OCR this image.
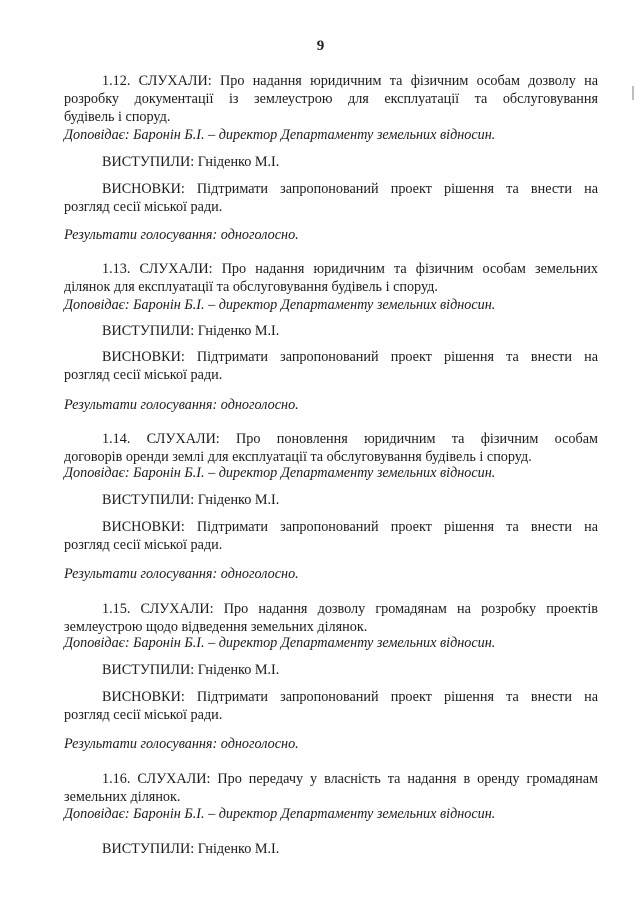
9
1.12. СЛУХАЛИ: Про надання юридичним та фізичним особам дозволу на розробку документації із землеустрою для експлуатації та обслуговування
будівель і споруд.
Доповідає: Баронін Б.І. – директор Департаменту земельних відносин.
ВИСТУПИЛИ: Гніденко М.І.
ВИСНОВКИ: Підтримати запропонований проект рішення та внести на
розгляд сесії міської ради.
Результати голосування: одноголосно.
1.13. СЛУХАЛИ: Про надання юридичним та фізичним особам земельних
ділянок для експлуатації та обслуговування будівель і споруд.
Доповідає: Баронін Б.І. – директор Департаменту земельних відносин.
ВИСТУПИЛИ: Гніденко М.І.
ВИСНОВКИ: Підтримати запропонований проект рішення та внести на
розгляд сесії міської ради.
Результати голосування: одноголосно.
1.14. СЛУХАЛИ: Про поновлення юридичним та фізичним особам
договорів оренди землі для експлуатації та обслуговування будівель і споруд.
Доповідає: Баронін Б.І. – директор Департаменту земельних відносин.
ВИСТУПИЛИ: Гніденко М.І.
ВИСНОВКИ: Підтримати запропонований проект рішення та внести на
розгляд сесії міської ради.
Результати голосування: одноголосно.
1.15. СЛУХАЛИ: Про надання дозволу громадянам на розробку проектів
землеустрою щодо відведення земельних ділянок.
Доповідає: Баронін Б.І. – директор Департаменту земельних відносин.
ВИСТУПИЛИ: Гніденко М.І.
ВИСНОВКИ: Підтримати запропонований проект рішення та внести на
розгляд сесії міської ради.
Результати голосування: одноголосно.
1.16. СЛУХАЛИ: Про передачу у власність та надання в оренду громадянам
земельних ділянок.
Доповідає: Баронін Б.І. – директор Департаменту земельних відносин.
ВИСТУПИЛИ: Гніденко М.І.
